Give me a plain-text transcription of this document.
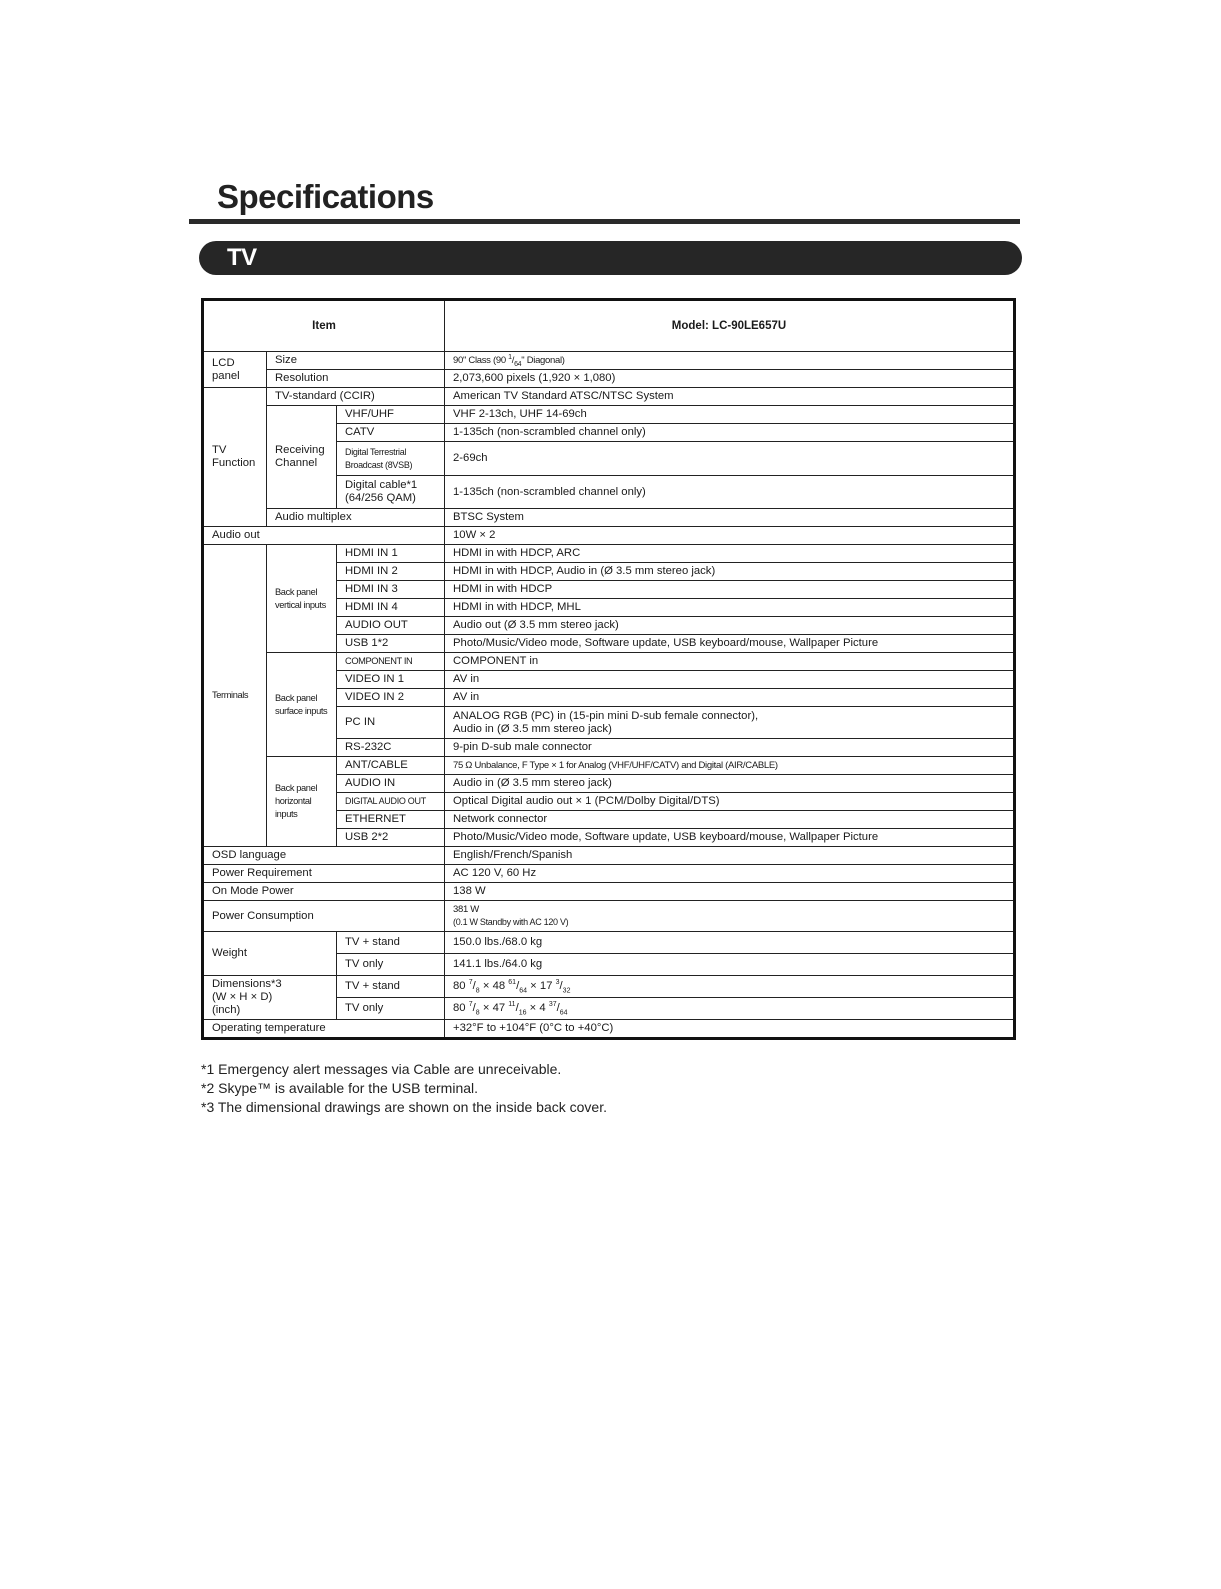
Specifications
TV
Item			Model: LC-90LE657U
LCD panel	Size		90" Class (90 $^1/_{64}$" Diagonal)
	Resolution		2,073,600 pixels (1,920 × 1,080)
TV Function	TV-standard (CCIR)		American TV Standard ATSC/NTSC System
	Receiving Channel	VHF/UHF	VHF 2-13ch, UHF 14-69ch
		CATV	1-135ch (non-scrambled channel only)
		Digital Terrestrial Broadcast (8VSB)	2-69ch
		Digital cable*1 (64/256 QAM)	1-135ch (non-scrambled channel only)
	Audio multiplex		BTSC System
Audio out			10W × 2
Terminals	Back panel vertical inputs	HDMI IN 1	HDMI in with HDCP, ARC
		HDMI IN 2	HDMI in with HDCP, Audio in (Ø 3.5 mm stereo jack)
		HDMI IN 3	HDMI in with HDCP
		HDMI IN 4	HDMI in with HDCP, MHL
		AUDIO OUT	Audio out (Ø 3.5 mm stereo jack)
		USB 1*2	Photo/Music/Video mode, Software update, USB keyboard/mouse, Wallpaper Picture
	Back panel surface inputs	COMPONENT IN	COMPONENT in
		VIDEO IN 1	AV in
		VIDEO IN 2	AV in
		PC IN	ANALOG RGB (PC) in (15-pin mini D-sub female connector),
Audio in (Ø 3.5 mm stereo jack)

		RS-232C	9-pin D-sub male connector
	Back panel horizontal inputs	ANT/CABLE	75 Ω Unbalance, F Type × 1 for Analog (VHF/UHF/CATV) and Digital (AIR/CABLE)
		AUDIO IN	Audio in (Ø 3.5 mm stereo jack)
		DIGITAL AUDIO OUT	Optical Digital audio out × 1 (PCM/Dolby Digital/DTS)
		ETHERNET	Network connector
		USB 2*2	Photo/Music/Video mode, Software update, USB keyboard/mouse, Wallpaper Picture
OSD language			English/French/Spanish
Power Requirement			AC 120 V, 60 Hz
On Mode Power			138 W
Power Consumption			381 W
(0.1 W Standby with AC 120 V)

Weight		TV + stand	150.0 lbs./68.0 kg
		TV only	141.1 lbs./64.0 kg

Dimensions*3
(W × H × D)
(inch)		TV + stand	80 $^7/_8 \times 48$ $^{61}/_{64} \times 17$ $^3/_{32}$
		TV only	80 $^7/_8 \times 47$ $^{11}/_{16} \times 4$ $^{37}/_{64}$
Operating temperature			+32°F to +104°F (0°C to +40°C)
*1 Emergency alert messages via Cable are unreceivable.
*2 Skype™ is available for the USB terminal.
*3 The dimensional drawings are shown on the inside back cover.
